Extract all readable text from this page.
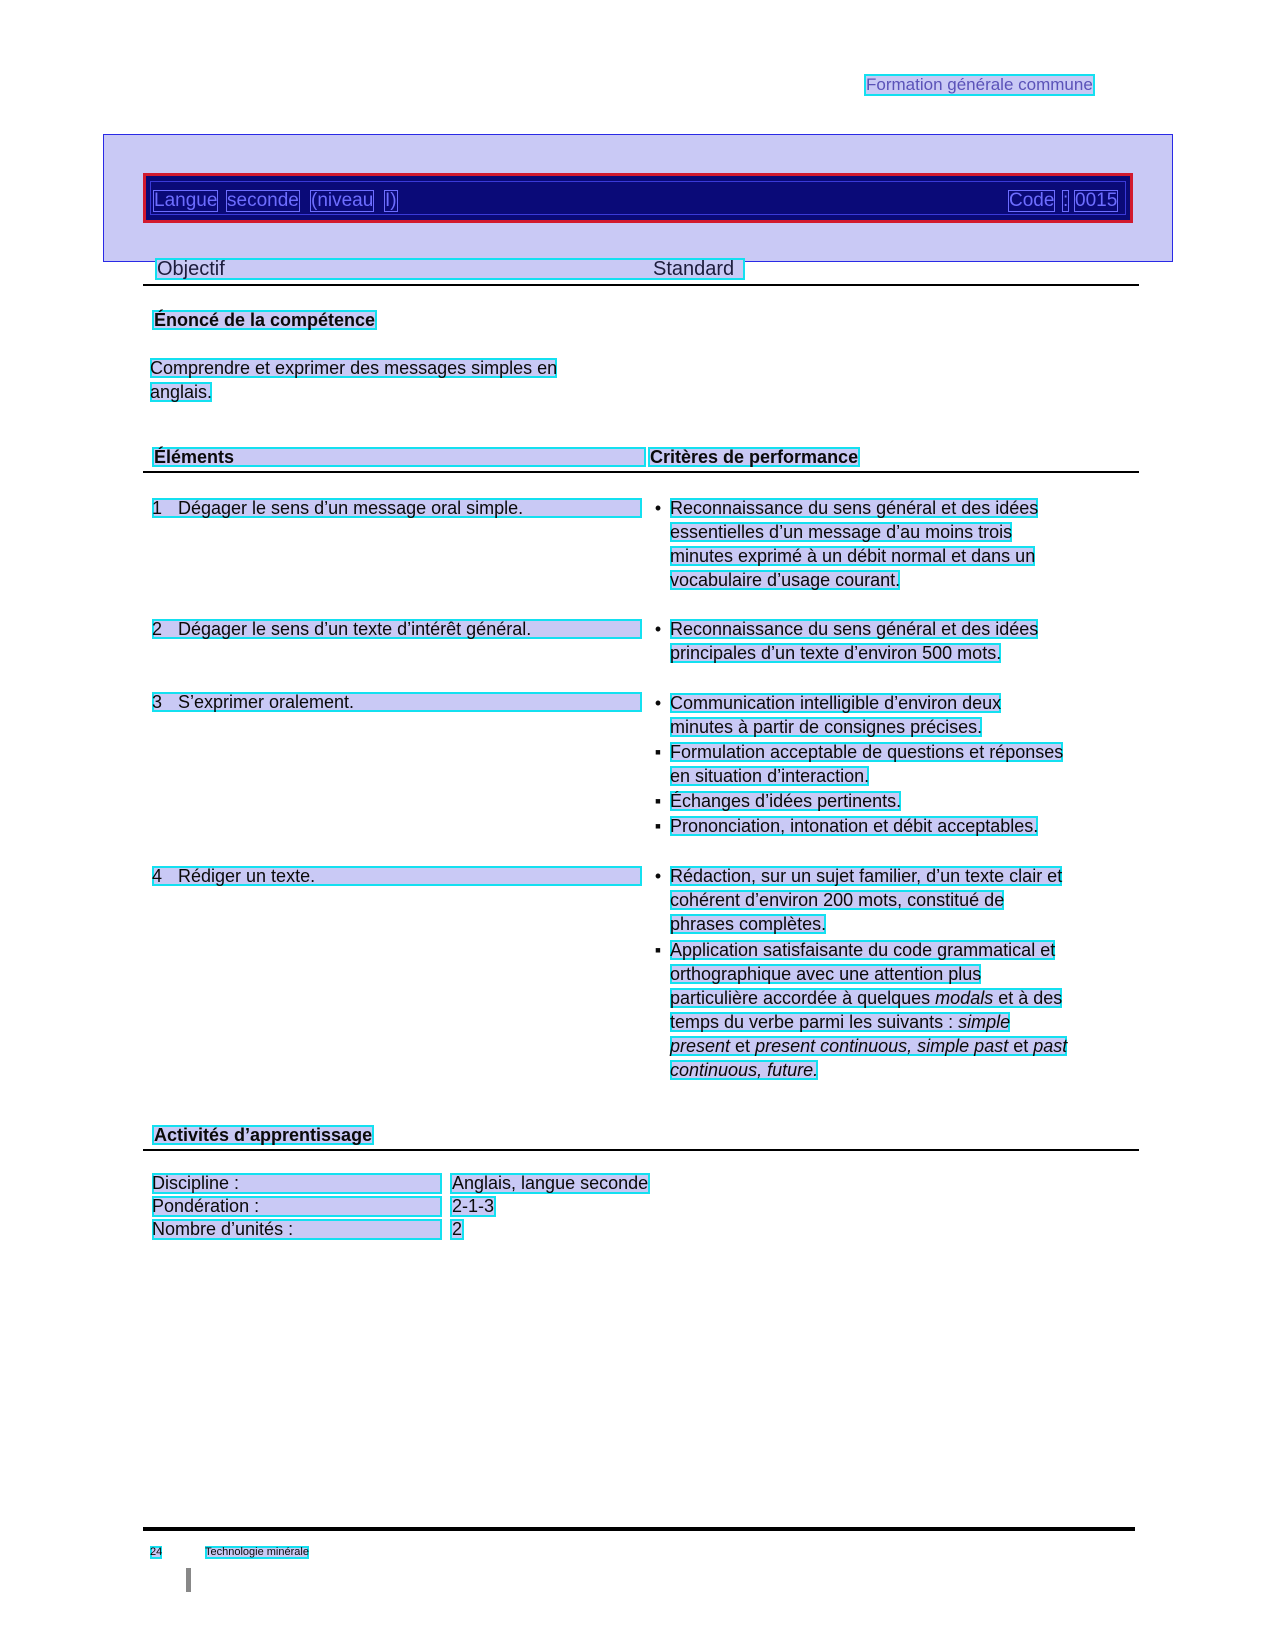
Formation générale commune
Langue seconde (niveau I)	Code : 0015
Objectif	Standard
Énoncé de la compétence
Comprendre et exprimer des messages simples en
anglais.
Éléments	Critères de performance
1 Dégager le sens d’un message oral simple.	• Reconnaissance du sens général et des idées
essentielles d’un message d’au moins trois
minutes exprimé à un débit normal et dans un
vocabulaire d’usage courant.
2 Dégager le sens d’un texte d’intérêt général.	• Reconnaissance du sens général et des idées
principales d’un texte d’environ 500 mots.
3 S’exprimer oralement.	• Communication intelligible d’environ deux
minutes à partir de consignes précises.
▪ Formulation acceptable de questions et réponses
en situation d’interaction.
▪ Échanges d’idées pertinents.
▪ Prononciation, intonation et débit acceptables.
4 Rédiger un texte.	• Rédaction, sur un sujet familier, d’un texte clair et
cohérent d’environ 200 mots, constitué de
phrases complètes.
▪ Application satisfaisante du code grammatical et
orthographique avec une attention plus
particulière accordée à quelques modals et à des
temps du verbe parmi les suivants : simple
present et present continuous, simple past et past
continuous, future.
Activités d’apprentissage
Discipline :	Anglais, langue seconde
Pondération :	2-1-3
Nombre d’unités :	2
24	Technologie minérale
